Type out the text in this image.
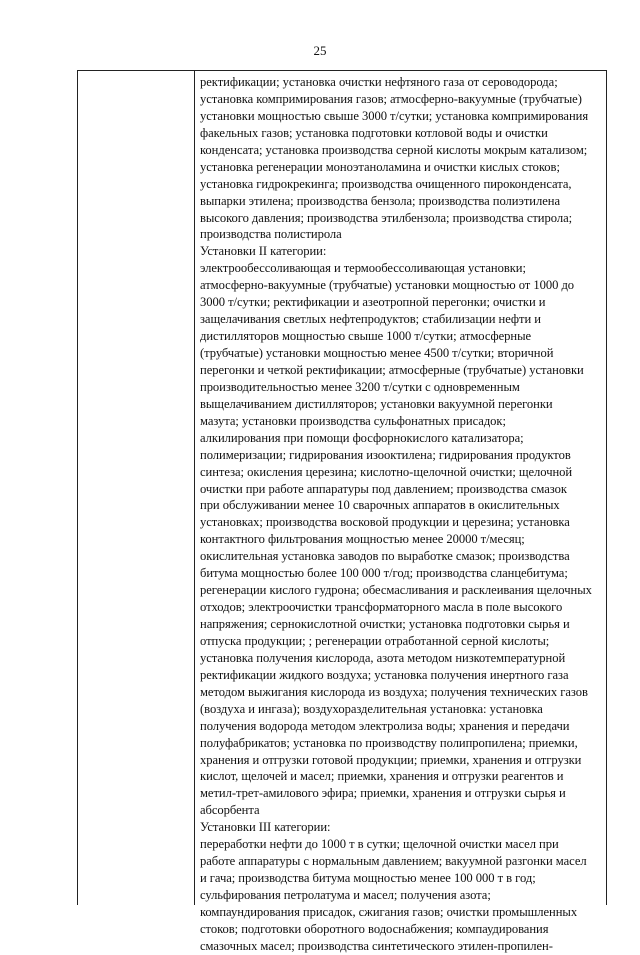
25
ректификации; установка очистки нефтяного газа от сероводорода;
установка компримирования газов; атмосферно-вакуумные (трубчатые)
установки мощностью свыше 3000 т/сутки; установка компримирования
факельных газов; установка подготовки котловой воды и очистки
конденсата; установка производства серной кислоты мокрым катализом;
установка регенерации моноэтаноламина и очистки кислых стоков;
установка гидрокрекинга; производства очищенного пироконденсата,
выпарки этилена; производства бензола; производства полиэтилена
высокого давления; производства этилбензола; производства стирола;
производства полистирола
Установки II категории:
электрообессоливающая и термообессоливающая установки;
атмосферно-вакуумные (трубчатые) установки мощностью от 1000 до
3000 т/сутки; ректификации и азеотропной перегонки; очистки и
защелачивания светлых нефтепродуктов; стабилизации нефти и
дистилляторов мощностью свыше 1000 т/сутки; атмосферные
(трубчатые) установки мощностью менее 4500 т/сутки; вторичной
перегонки и четкой ректификации; атмосферные (трубчатые) установки
производительностью менее 3200 т/сутки с одновременным
выщелачиванием дистилляторов; установки вакуумной перегонки
мазута; установки производства сульфонатных присадок;
алкилирования при помощи фосфорнокислого катализатора;
полимеризации; гидрирования изооктилена; гидрирования продуктов
синтеза; окисления церезина; кислотно-щелочной очистки; щелочной
очистки при работе аппаратуры под давлением; производства смазок
при обслуживании менее 10 сварочных аппаратов в окислительных
установках; производства восковой продукции и церезина; установка
контактного фильтрования мощностью менее 20000 т/месяц;
окислительная установка заводов по выработке смазок; производства
битума мощностью более 100 000 т/год; производства сланцебитума;
регенерации кислого гудрона; обесмасливания и расклеивания щелочных
отходов; электроочистки трансформаторного масла в поле высокого
напряжения; сернокислотной очистки; установка подготовки сырья и
отпуска продукции; ; регенерации отработанной серной кислоты;
установка получения кислорода, азота методом низкотемпературной
ректификации жидкого воздуха; установка получения инертного газа
методом выжигания кислорода из воздуха; получения технических газов
(воздуха и ингаза); воздухоразделительная установка: установка
получения водорода методом электролиза воды; хранения и передачи
полуфабрикатов; установка по производству полипропилена; приемки,
хранения и отгрузки готовой продукции; приемки, хранения и отгрузки
кислот, щелочей и масел; приемки, хранения и отгрузки реагентов и
метил-трет-амилового эфира; приемки, хранения и отгрузки сырья и
абсорбента
Установки III категории:
переработки нефти до 1000 т в сутки; щелочной очистки масел при
работе аппаратуры с нормальным давлением; вакуумной разгонки масел
и гача; производства битума мощностью менее 100 000 т в год;
сульфирования петролатума и масел; получения азота;
компаундирования присадок, сжигания газов; очистки промышленных
стоков; подготовки оборотного водоснабжения; компаудирования
смазочных масел; производства синтетического этилен-пропилен-
